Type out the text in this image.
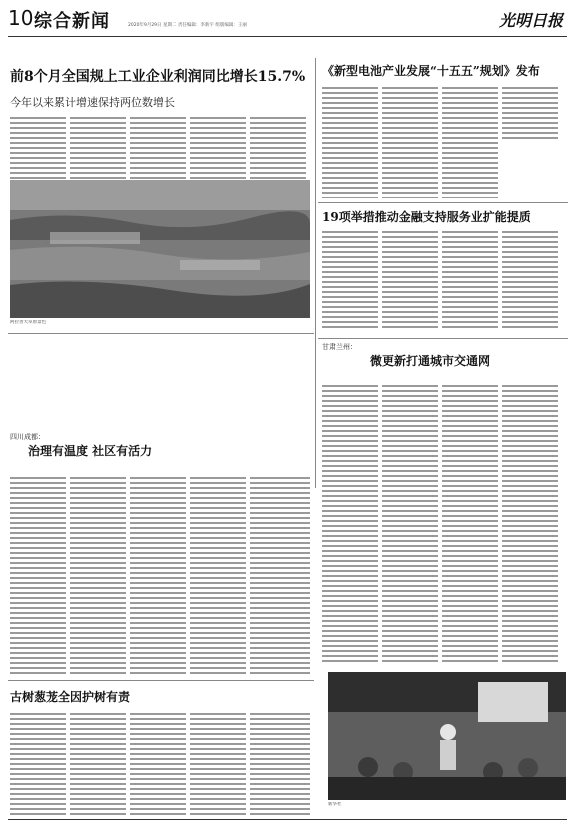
10 综合新闻	2020年9月29日 星期二 责任编辑：李新宇 组版编辑：王丽	光明日报
前8个月全国规上工业企业利润同比增长15.7%
今年以来累计增速保持两位数增长
阿拉善大草原景色
《新型电池产业发展“十五五”规划》发布
19项举措推动金融支持服务业扩能提质
甘肃兰州：
微更新打通城市交通网
四川成都：
治理有温度 社区有活力
古树葱茏全因护树有责
新华社
